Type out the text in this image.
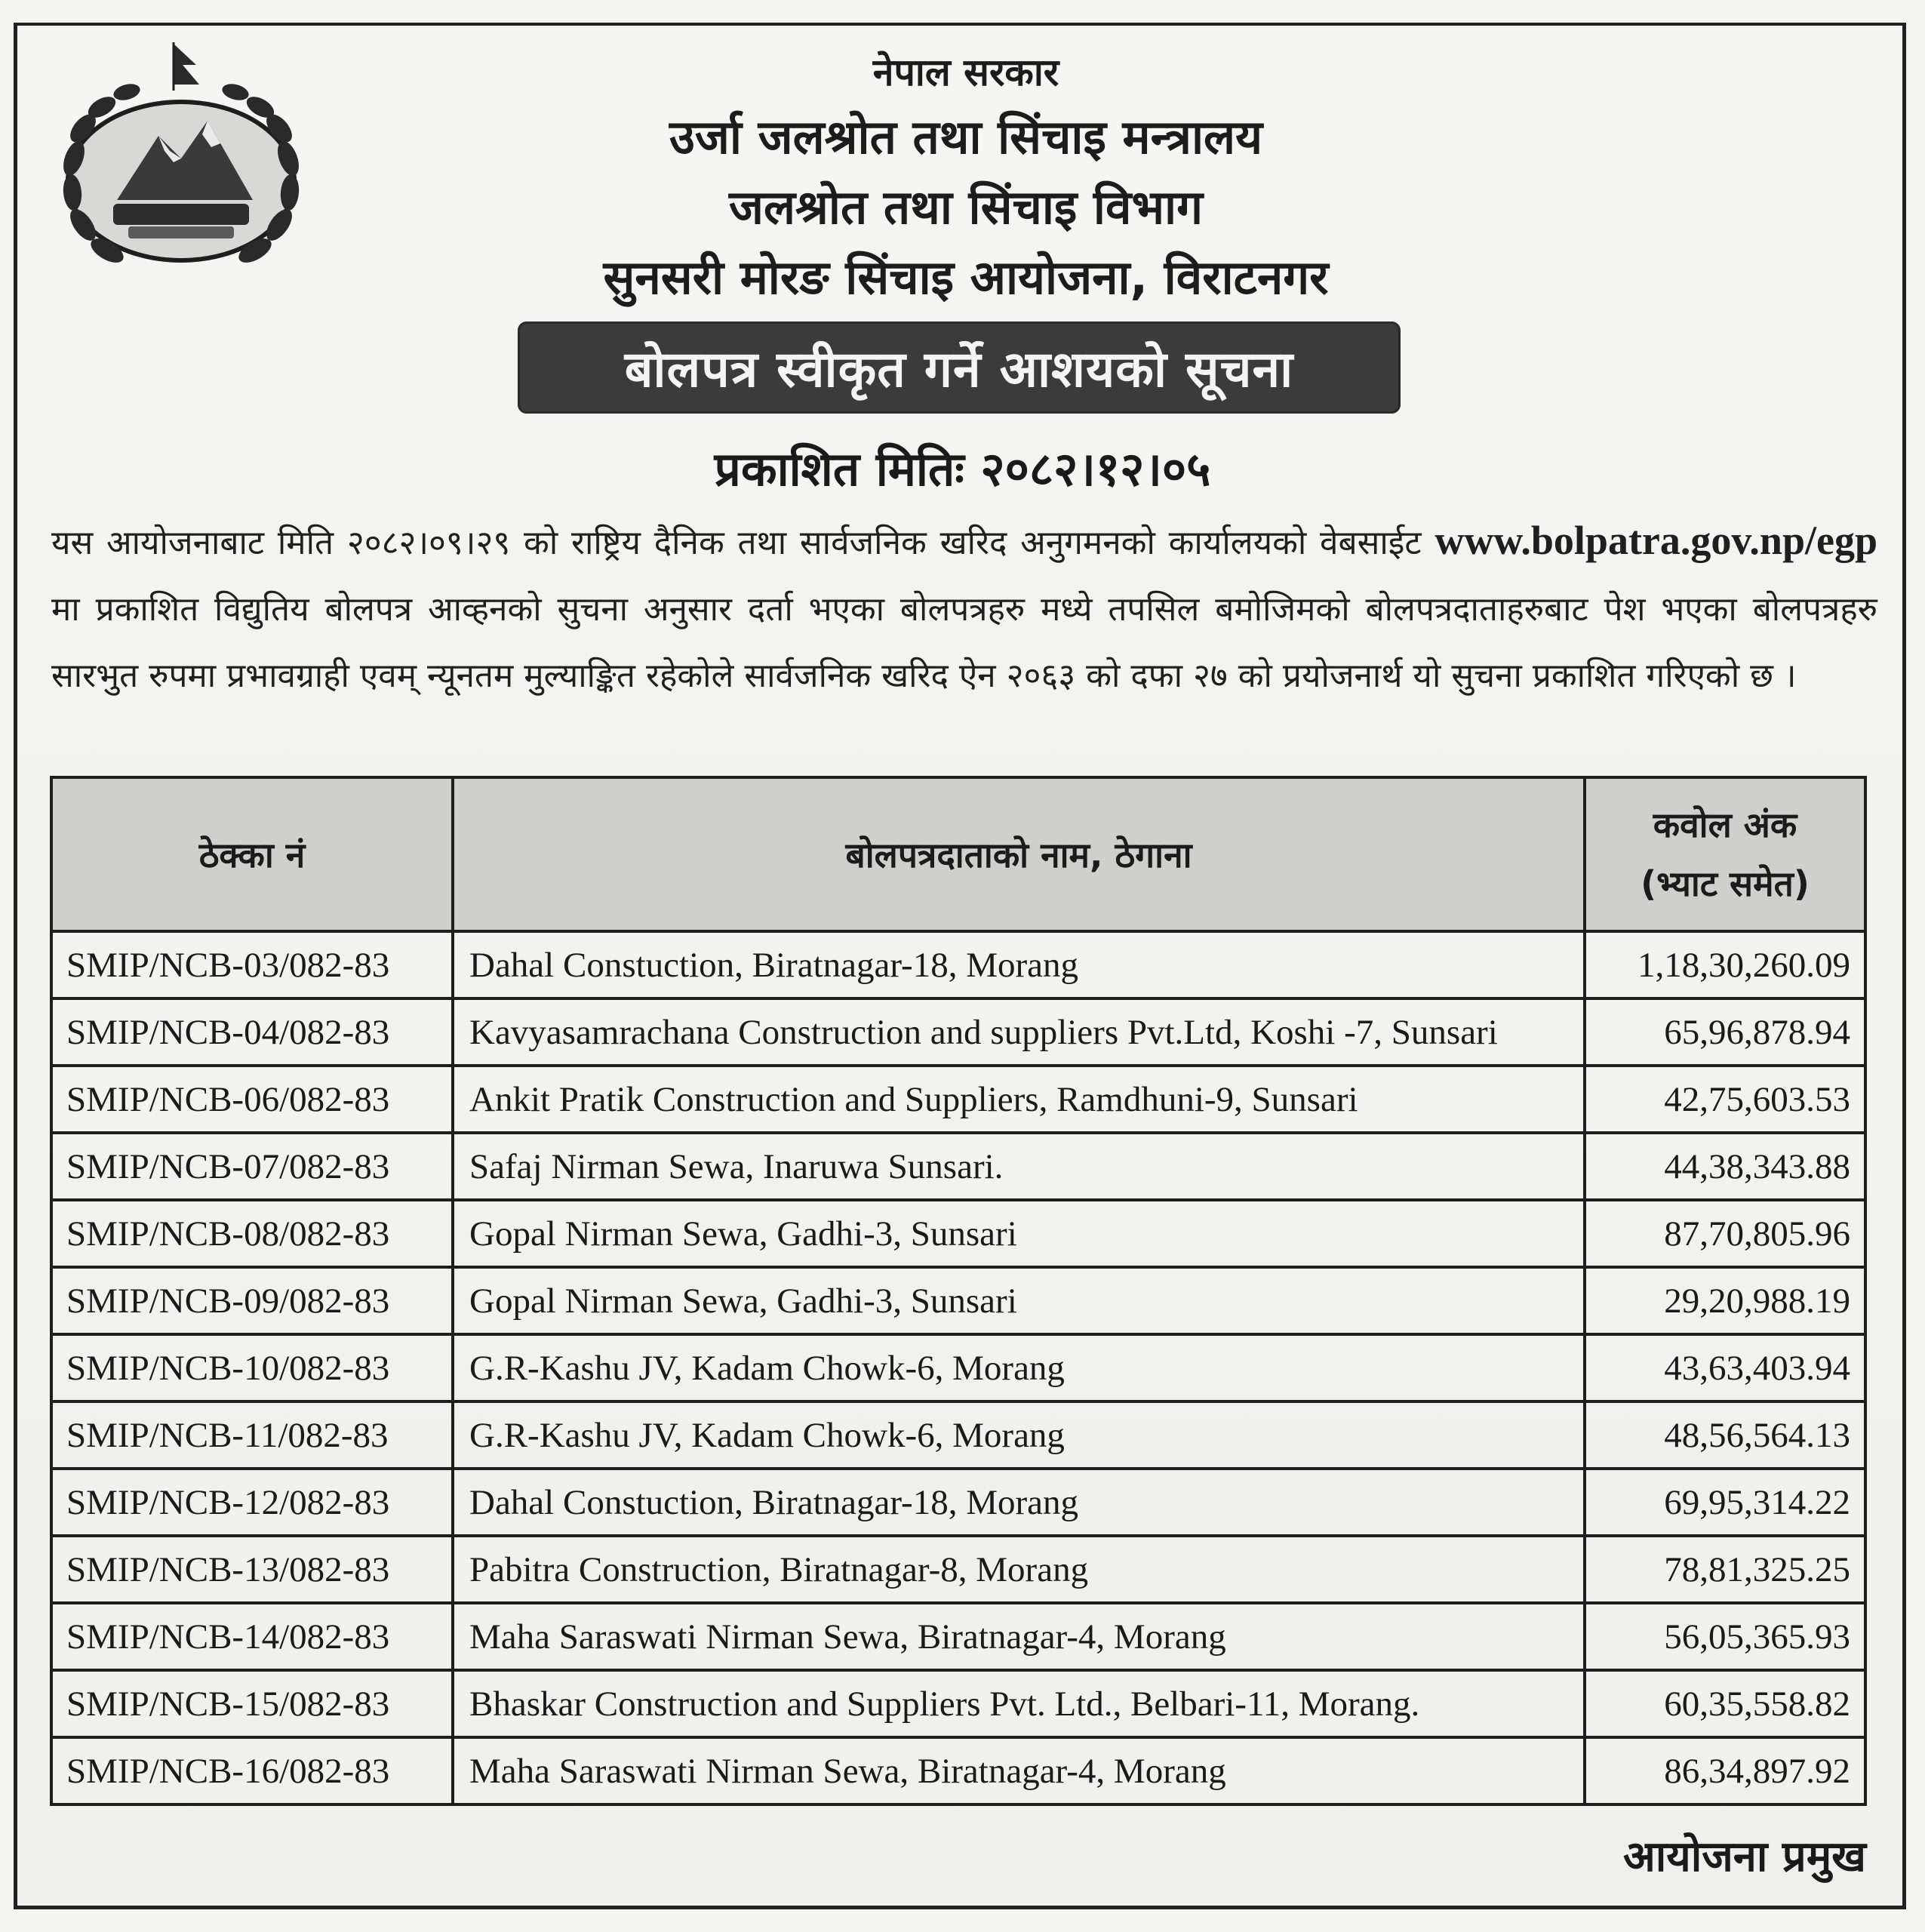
नेपाल सरकार
उर्जा जलश्रोत तथा सिंचाइ मन्त्रालय
जलश्रोत तथा सिंचाइ विभाग
सुनसरी मोरङ सिंचाइ आयोजना, विराटनगर
बोलपत्र स्वीकृत गर्ने आशयको सूचना
प्रकाशित मितिः २०८२।१२।०५
यस आयोजनाबाट मिति २०८२।०९।२९ को राष्ट्रिय दैनिक तथा सार्वजनिक खरिद अनुगमनको कार्यालयको वेबसाईट www.bolpatra.gov.np/egp मा प्रकाशित विद्युतिय बोलपत्र आव्हनको सुचना अनुसार दर्ता भएका बोलपत्रहरु मध्ये तपसिल बमोजिमको बोलपत्रदाताहरुबाट पेश भएका बोलपत्रहरु सारभुत रुपमा प्रभावग्राही एवम् न्यूनतम मुल्याङ्कित रहेकोले सार्वजनिक खरिद ऐन २०६३ को दफा २७ को प्रयोजनार्थ यो सुचना प्रकाशित गरिएको छ ।
ठेक्का नं	बोलपत्रदाताको नाम, ठेगाना	कवोल अंक
(भ्याट समेत)

SMIP/NCB-03/082-83	Dahal Constuction, Biratnagar-18, Morang	1,18,30,260.09
SMIP/NCB-04/082-83	Kavyasamrachana Construction and suppliers Pvt.Ltd, Koshi -7, Sunsari	65,96,878.94
SMIP/NCB-06/082-83	Ankit Pratik Construction and Suppliers, Ramdhuni-9, Sunsari	42,75,603.53
SMIP/NCB-07/082-83	Safaj Nirman Sewa, Inaruwa Sunsari.	44,38,343.88
SMIP/NCB-08/082-83	Gopal Nirman Sewa, Gadhi-3, Sunsari	87,70,805.96
SMIP/NCB-09/082-83	Gopal Nirman Sewa, Gadhi-3, Sunsari	29,20,988.19
SMIP/NCB-10/082-83	G.R-Kashu JV, Kadam Chowk-6, Morang	43,63,403.94
SMIP/NCB-11/082-83	G.R-Kashu JV, Kadam Chowk-6, Morang	48,56,564.13
SMIP/NCB-12/082-83	Dahal Constuction, Biratnagar-18, Morang	69,95,314.22
SMIP/NCB-13/082-83	Pabitra Construction, Biratnagar-8, Morang	78,81,325.25
SMIP/NCB-14/082-83	Maha Saraswati Nirman Sewa, Biratnagar-4, Morang	56,05,365.93
SMIP/NCB-15/082-83	Bhaskar Construction and Suppliers Pvt. Ltd., Belbari-11, Morang.	60,35,558.82
SMIP/NCB-16/082-83	Maha Saraswati Nirman Sewa, Biratnagar-4, Morang	86,34,897.92
आयोजना प्रमुख
